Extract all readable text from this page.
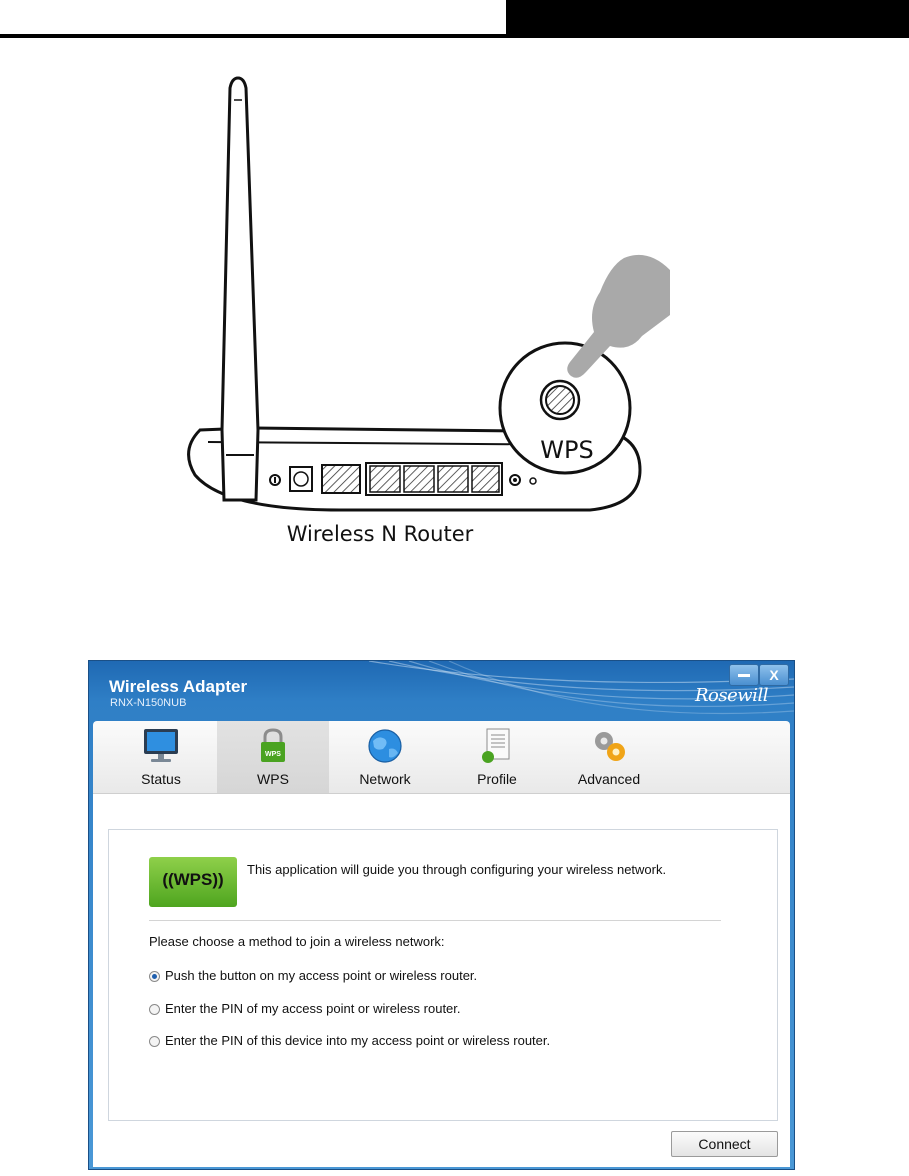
WPS
Wireless N Router
Wireless Adapter
RNX-N150NUB
X
Rosewill
Status
WPS
WPS	Network	Profile	Advanced
((WPS))
This application will guide you through configuring your wireless network.
Please choose a method to join a wireless network:
Push the button on my access point or wireless router.
Enter the PIN of my access point or wireless router.
Enter the PIN of this device into my access point or wireless router.
Connect
